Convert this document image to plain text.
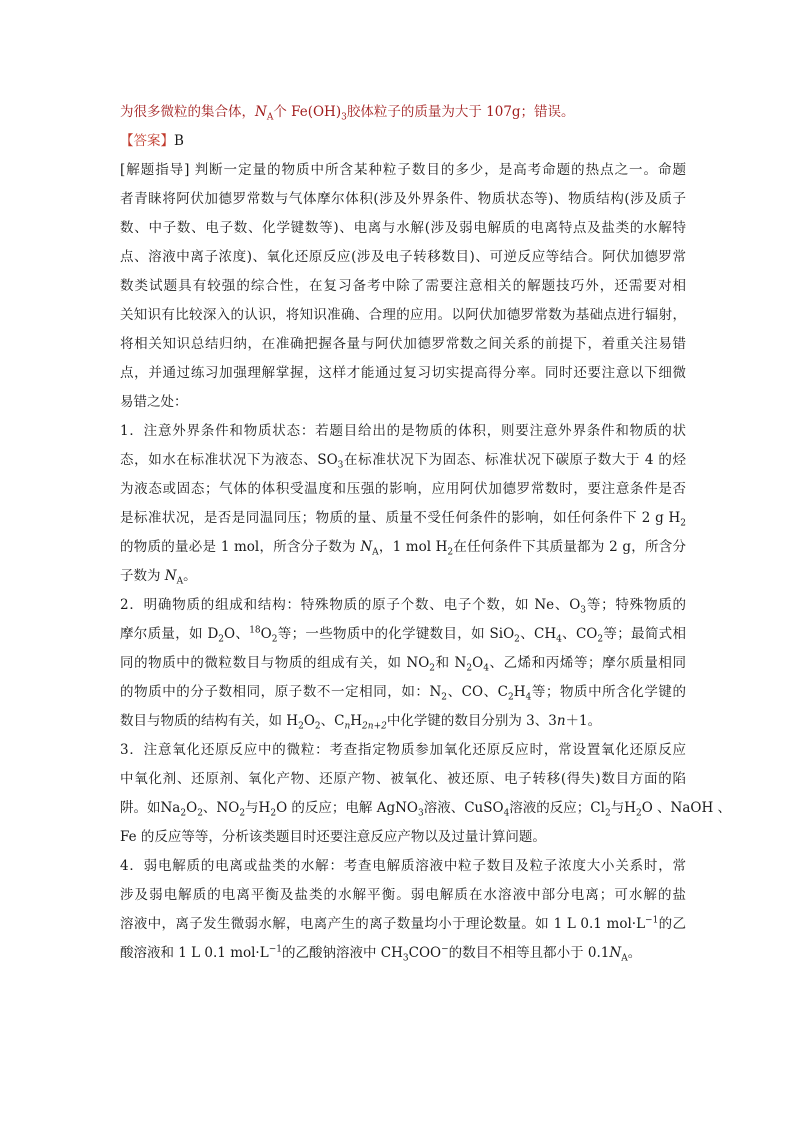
为很多微粒的集合体，$N_A$个 $Fe(OH)_3$胶体粒子的质量为大于 107g；错误。
【答案】B
[解题指导] 判断一定量的物质中所含某种粒子数目的多少，是高考命题的热点之一。命题
者青睐将阿伏加德罗常数与气体摩尔体积(涉及外界条件、物质状态等)、物质结构(涉及质子
数、中子数、电子数、化学键数等)、电离与水解(涉及弱电解质的电离特点及盐类的水解特
点、溶液中离子浓度)、氧化还原反应(涉及电子转移数目)、可逆反应等结合。阿伏加德罗常
数类试题具有较强的综合性，在复习备考中除了需要注意相关的解题技巧外，还需要对相
关知识有比较深入的认识，将知识准确、合理的应用。以阿伏加德罗常数为基础点进行辐射，
将相关知识总结归纳，在准确把握各量与阿伏加德罗常数之间关系的前提下，着重关注易错
点，并通过练习加强理解掌握，这样才能通过复习切实提高得分率。同时还要注意以下细微
易错之处：
1．注意外界条件和物质状态：若题目给出的是物质的体积，则要注意外界条件和物质的状
态，如水在标准状况下为液态、$SO_3$在标准状况下为固态、标准状况下碳原子数大于 4 的烃
为液态或固态；气体的体积受温度和压强的影响，应用阿伏加德罗常数时，要注意条件是否
是标准状况，是否是同温同压；物质的量、质量不受任何条件的影响，如任何条件下 2 g $H_2$
的物质的量必是 1 mol，所含分子数为 $N_A$，1 mol $H_2$在任何条件下其质量都为 2 g，所含分
子数为 $N_A$。
2．明确物质的组成和结构：特殊物质的原子个数、电子个数，如 Ne、$O_3$等；特殊物质的
摩尔质量，如 $D_2O$、$^{18}O_2$等；一些物质中的化学键数目，如 SiO$_2$、$CH_4$、$CO_2$等；最简式相
同的物质中的微粒数目与物质的组成有关，如 $NO_2$和 $N_2O_4$、乙烯和丙烯等；摩尔质量相同
的物质中的分子数相同，原子数不一定相同，如：$N_2$、CO、$C_2H_4$等；物质中所含化学键的
数目与物质的结构有关，如 $H_2O_2$、$C_nH_{2n+2}$中化学键的数目分别为 3、3n＋1。
3．注意氧化还原反应中的微粒：考查指定物质参加氧化还原反应时，常设置氧化还原反应
中氧化剂、还原剂、氧化产物、还原产物、被氧化、被还原、电子转移(得失)数目方面的陷
阱。如$Na_2O_2$、$NO_2$与$H_2O$ 的反应；电解 AgNO$_3$溶液、CuSO$_4$溶液的反应；$Cl_2$与$H_2O$ 、NaOH 、
Fe 的反应等等，分析该类题目时还要注意反应产物以及过量计算问题。
4．弱电解质的电离或盐类的水解：考查电解质溶液中粒子数目及粒子浓度大小关系时，常
涉及弱电解质的电离平衡及盐类的水解平衡。弱电解质在水溶液中部分电离；可水解的盐
溶液中，离子发生微弱水解，电离产生的离子数量均小于理论数量。如 1 L 0.1 $mol\cdot L^{-1}$的乙
酸溶液和 1 L 0.1 $mol\cdot L^{-1}$的乙酸钠溶液中 $CH_3COO^-$的数目不相等且都小于 $0.1N_A$。
